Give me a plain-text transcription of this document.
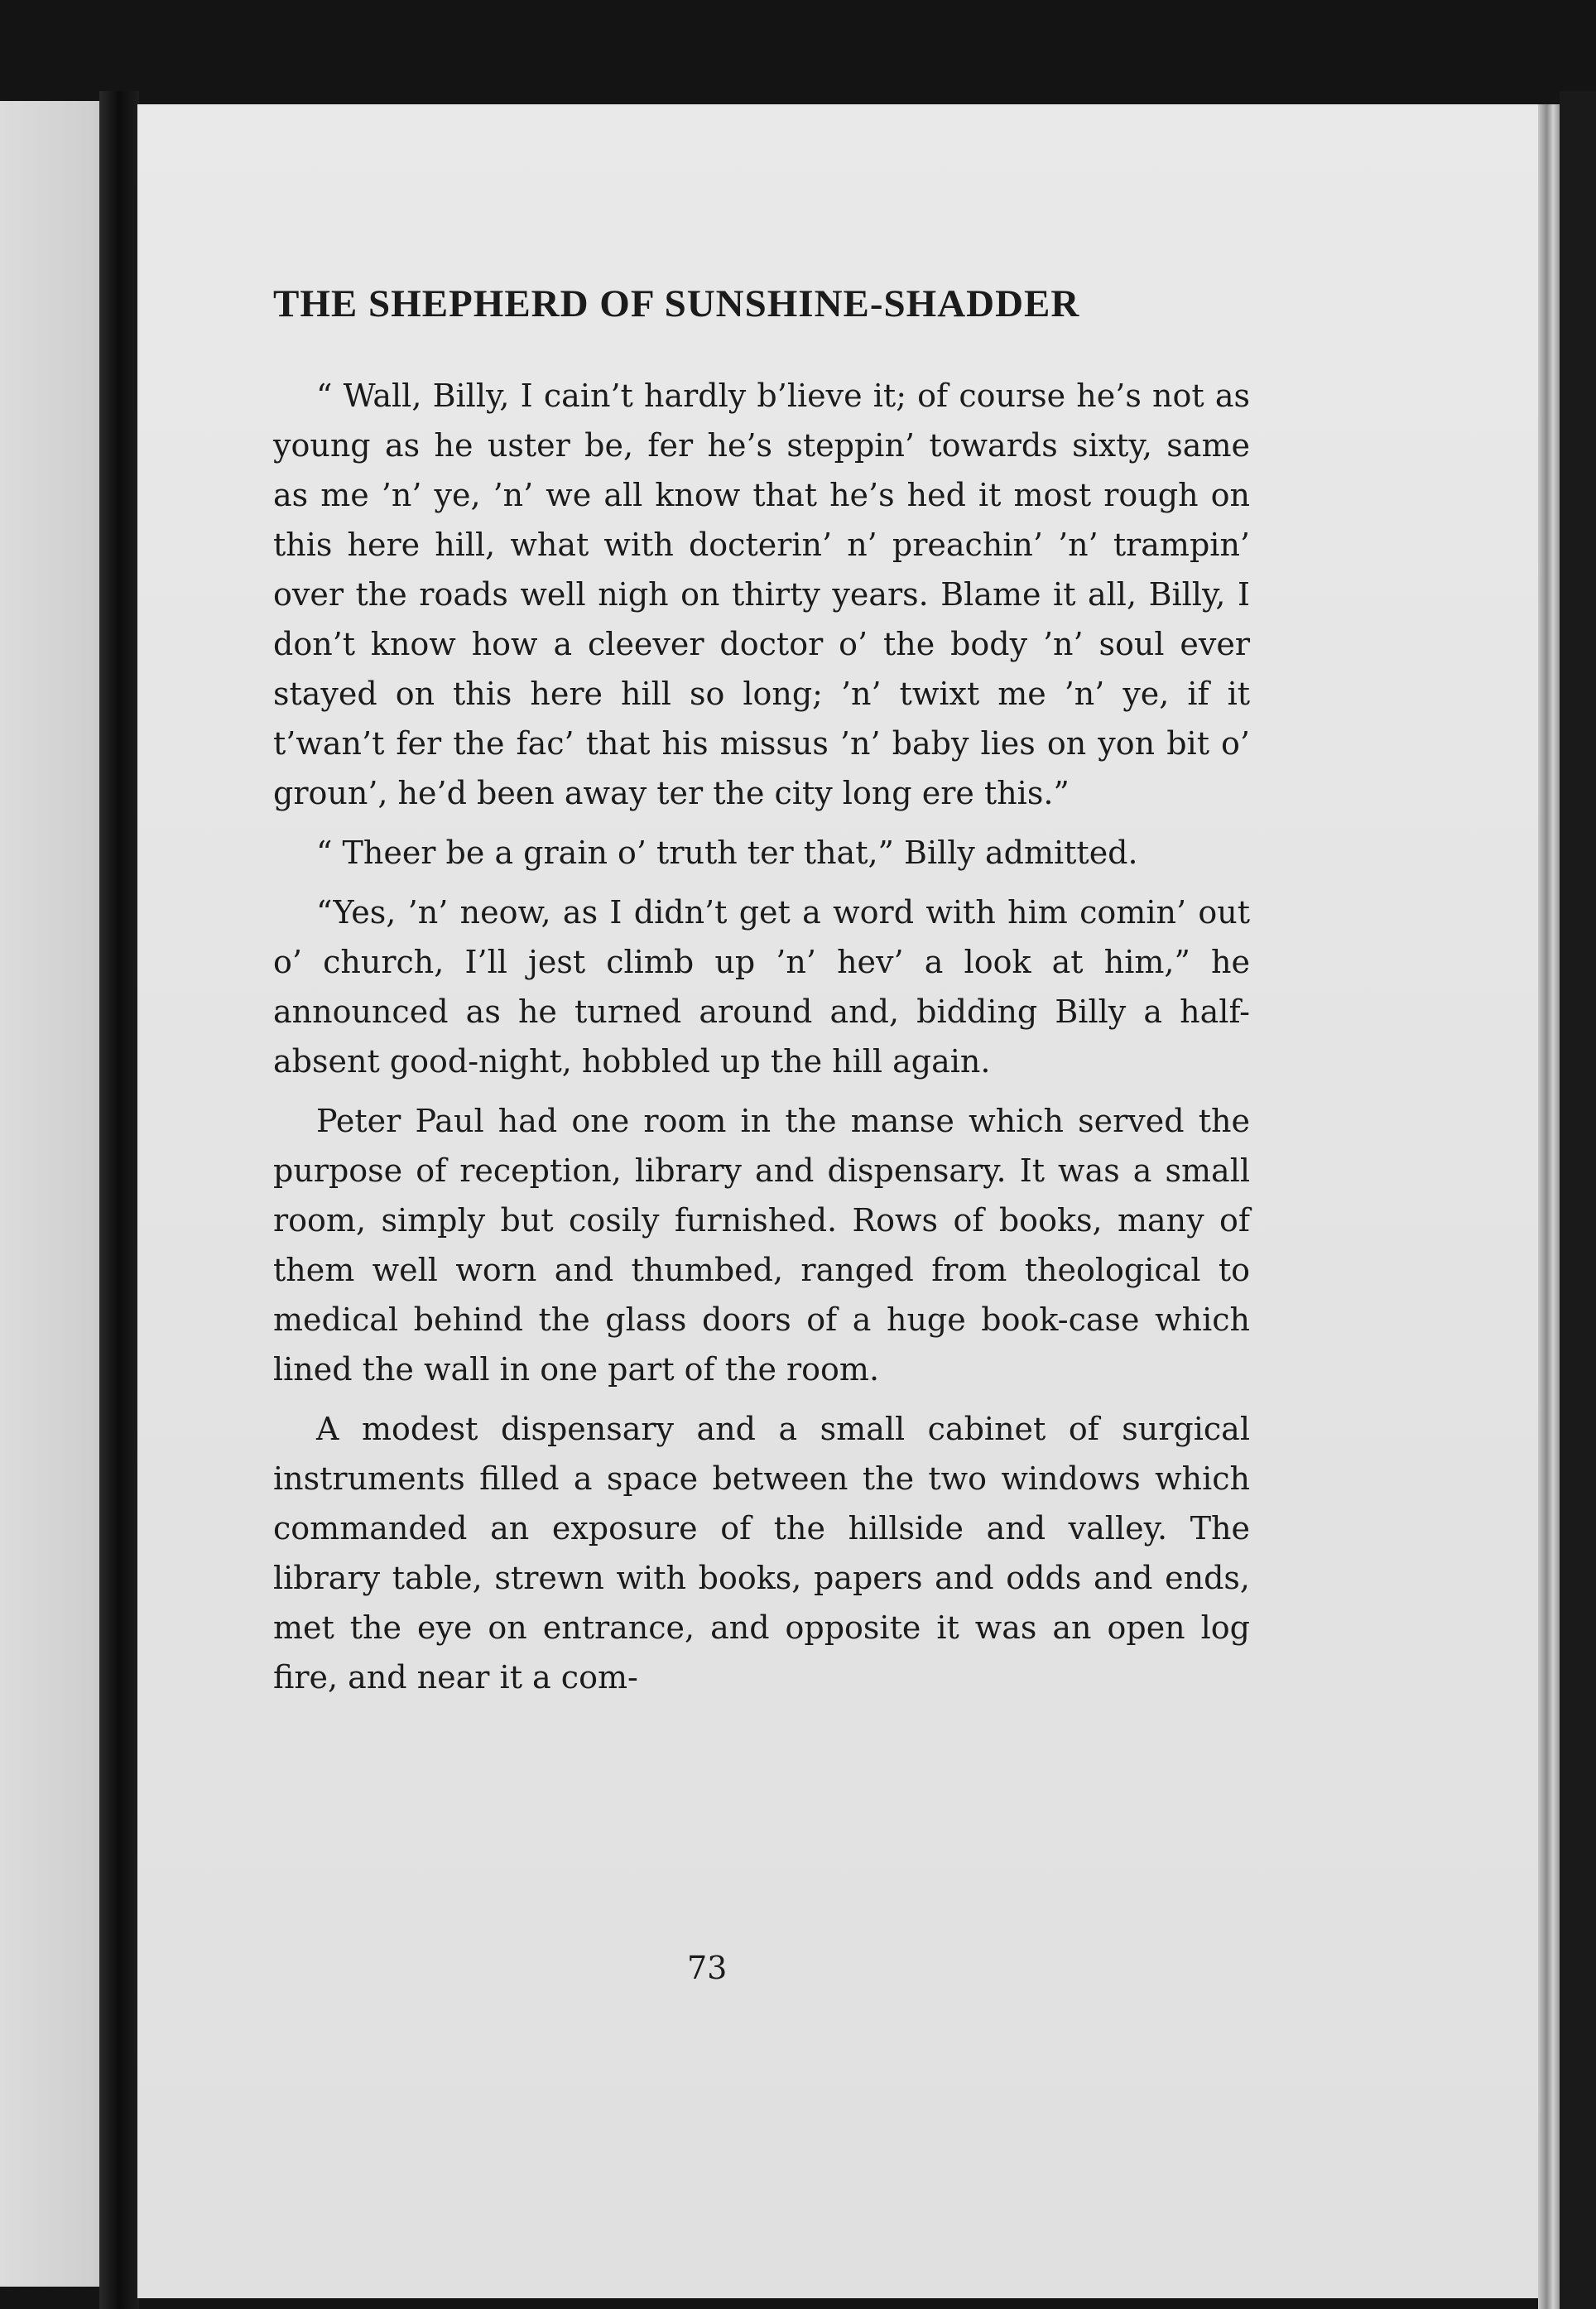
THE SHEPHERD OF SUNSHINE-SHADDER

“ Wall, Billy, I cain’t hardly b’lieve it; of course he’s not as young as he uster be, fer he’s steppin’ towards sixty, same as me ’n’ ye, ’n’ we all know that he’s hed it most rough on this here hill, what with docterin’ n’ preachin’ ’n’ trampin’ over the roads well nigh on thirty years. Blame it all, Billy, I don’t know how a cleever doctor o’ the body ’n’ soul ever stayed on this here hill so long; ’n’ twixt me ’n’ ye, if it t’wan’t fer the fac’ that his missus ’n’ baby lies on yon bit o’ groun’, he’d been away ter the city long ere this.”

“ Theer be a grain o’ truth ter that,” Billy admitted.

“Yes, ’n’ neow, as I didn’t get a word with him comin’ out o’ church, I’ll jest climb up ’n’ hev’ a look at him,” he announced as he turned around and, bidding Billy a half-absent good-night, hobbled up the hill again.

Peter Paul had one room in the manse which served the purpose of reception, library and dispensary. It was a small room, simply but cosily furnished. Rows of books, many of them well worn and thumbed, ranged from theological to medical behind the glass doors of a huge book-case which lined the wall in one part of the room.

A modest dispensary and a small cabinet of surgical instruments filled a space between the two windows which commanded an exposure of the hillside and valley. The library table, strewn with books, papers and odds and ends, met the eye on entrance, and opposite it was an open log fire, and near it a com-

73
